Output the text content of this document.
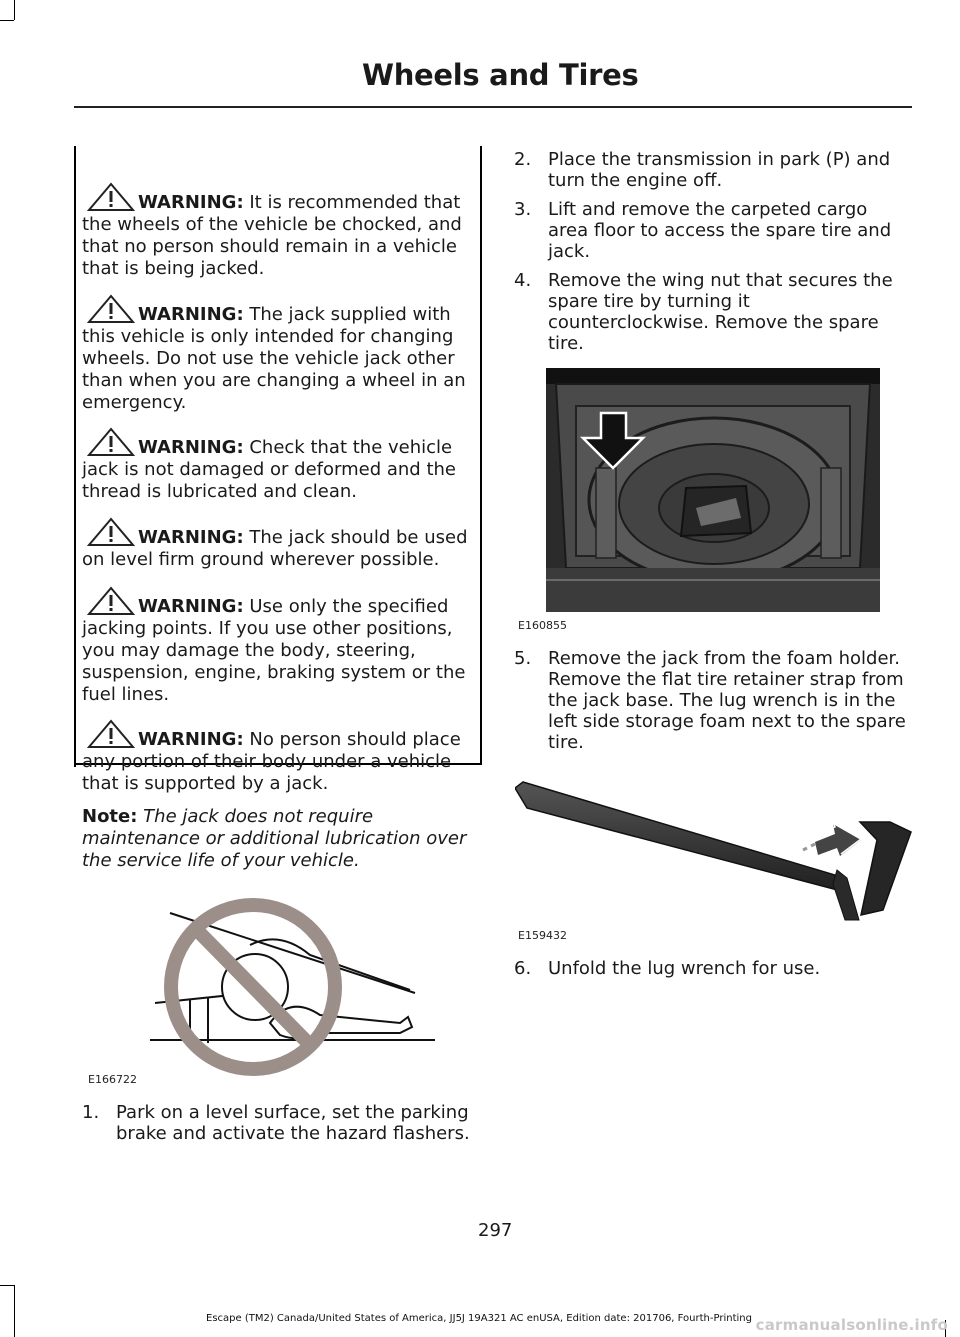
Wheels and Tires
WARNING: It is recommended that the wheels of the vehicle be chocked, and that no person should remain in a vehicle that is being jacked.
WARNING: The jack supplied with this vehicle is only intended for changing wheels. Do not use the vehicle jack other than when you are changing a wheel in an emergency.
WARNING: Check that the vehicle jack is not damaged or deformed and the thread is lubricated and clean.
WARNING: The jack should be used on level firm ground wherever possible.
WARNING: Use only the specified jacking points. If you use other positions, you may damage the body, steering, suspension, engine, braking system or the fuel lines.
WARNING: No person should place any portion of their body under a vehicle that is supported by a jack.
Note: The jack does not require maintenance or additional lubrication over the service life of your vehicle.
E166722
1. Park on a level surface, set the parking
brake and activate the hazard flashers.
2. Place the transmission in park (P) and
turn the engine off.
3. Lift and remove the carpeted cargo
area floor to access the spare tire and
jack.
4. Remove the wing nut that secures the
spare tire by turning it
counterclockwise. Remove the spare
tire.
E160855
5. Remove the jack from the foam holder.
Remove the flat tire retainer strap from
the jack base. The lug wrench is in the
left side storage foam next to the spare
tire.
E159432
6. Unfold the lug wrench for use.
297
Escape (TM2) Canada/United States of America, JJ5J 19A321 AC enUSA, Edition date: 201706, Fourth-Printing carmanualsonline.info
